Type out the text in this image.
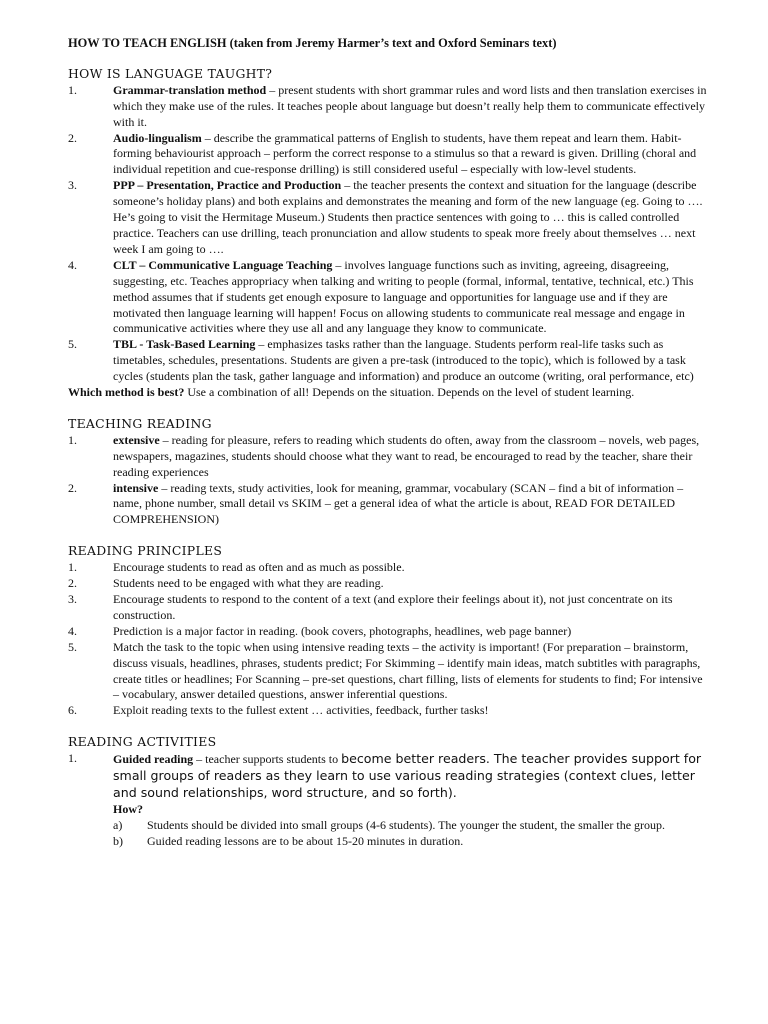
HOW TO TEACH ENGLISH (taken from Jeremy Harmer’s text and Oxford Seminars text)
HOW IS LANGUAGE TAUGHT?
1.	Grammar-translation method – present students with short grammar rules and word lists and then translation exercises in which they make use of the rules. It teaches people about language but doesn’t really help them to communicate effectively with it.
2.	Audio-lingualism – describe the grammatical patterns of English to students, have them repeat and learn them. Habit-forming behaviourist approach – perform the correct response to a stimulus so that a reward is given. Drilling (choral and individual repetition and cue-response drilling) is still considered useful – especially with low-level students.
3.	PPP – Presentation, Practice and Production – the teacher presents the context and situation for the language (describe someone’s holiday plans) and both explains and demonstrates the meaning and form of the new language (eg. Going to …. He’s going to visit the Hermitage Museum.) Students then practice sentences with going to … this is called controlled practice. Teachers can use drilling, teach pronunciation and allow students to speak more freely about themselves … next week I am going to ….
4.	CLT – Communicative Language Teaching – involves language functions such as inviting, agreeing, disagreeing, suggesting, etc. Teaches appropriacy when talking and writing to people (formal, informal, tentative, technical, etc.) This method assumes that if students get enough exposure to language and opportunities for language use and if they are motivated then language learning will happen! Focus on allowing students to communicate real message and engage in communicative activities where they use all and any language they know to communicate.
5.	TBL - Task-Based Learning – emphasizes tasks rather than the language. Students perform real-life tasks such as timetables, schedules, presentations. Students are given a pre-task (introduced to the topic), which is followed by a task cycles (students plan the task, gather language and information) and produce an outcome (writing, oral performance, etc)
Which method is best? Use a combination of all! Depends on the situation. Depends on the level of student learning.
TEACHING READING
1.	extensive – reading for pleasure, refers to reading which students do often, away from the classroom – novels, web pages, newspapers, magazines, students should choose what they want to read, be encouraged to read by the teacher, share their reading experiences
2.	intensive – reading texts, study activities, look for meaning, grammar, vocabulary (SCAN – find a bit of information – name, phone number, small detail vs SKIM – get a general idea of what the article is about, READ FOR DETAILED COMPREHENSION)
READING PRINCIPLES
1.	Encourage students to read as often and as much as possible.
2.	Students need to be engaged with what they are reading.
3.	Encourage students to respond to the content of a text (and explore their feelings about it), not just concentrate on its construction.
4.	Prediction is a major factor in reading. (book covers, photographs, headlines, web page banner)
5.	Match the task to the topic when using intensive reading texts – the activity is important! (For preparation – brainstorm, discuss visuals, headlines, phrases, students predict; For Skimming – identify main ideas, match subtitles with paragraphs, create titles or headlines; For Scanning – pre-set questions, chart filling, lists of elements for students to find; For intensive – vocabulary, answer detailed questions, answer inferential questions.
6.	Exploit reading texts to the fullest extent … activities, feedback, further tasks!
READING ACTIVITIES
1.	Guided reading – teacher supports students to become better readers. The teacher provides support for small groups of readers as they learn to use various reading strategies (context clues, letter and sound relationships, word structure, and so forth).
How?
a)	Students should be divided into small groups (4-6 students). The younger the student, the smaller the group.
b)	Guided reading lessons are to be about 15-20 minutes in duration.
